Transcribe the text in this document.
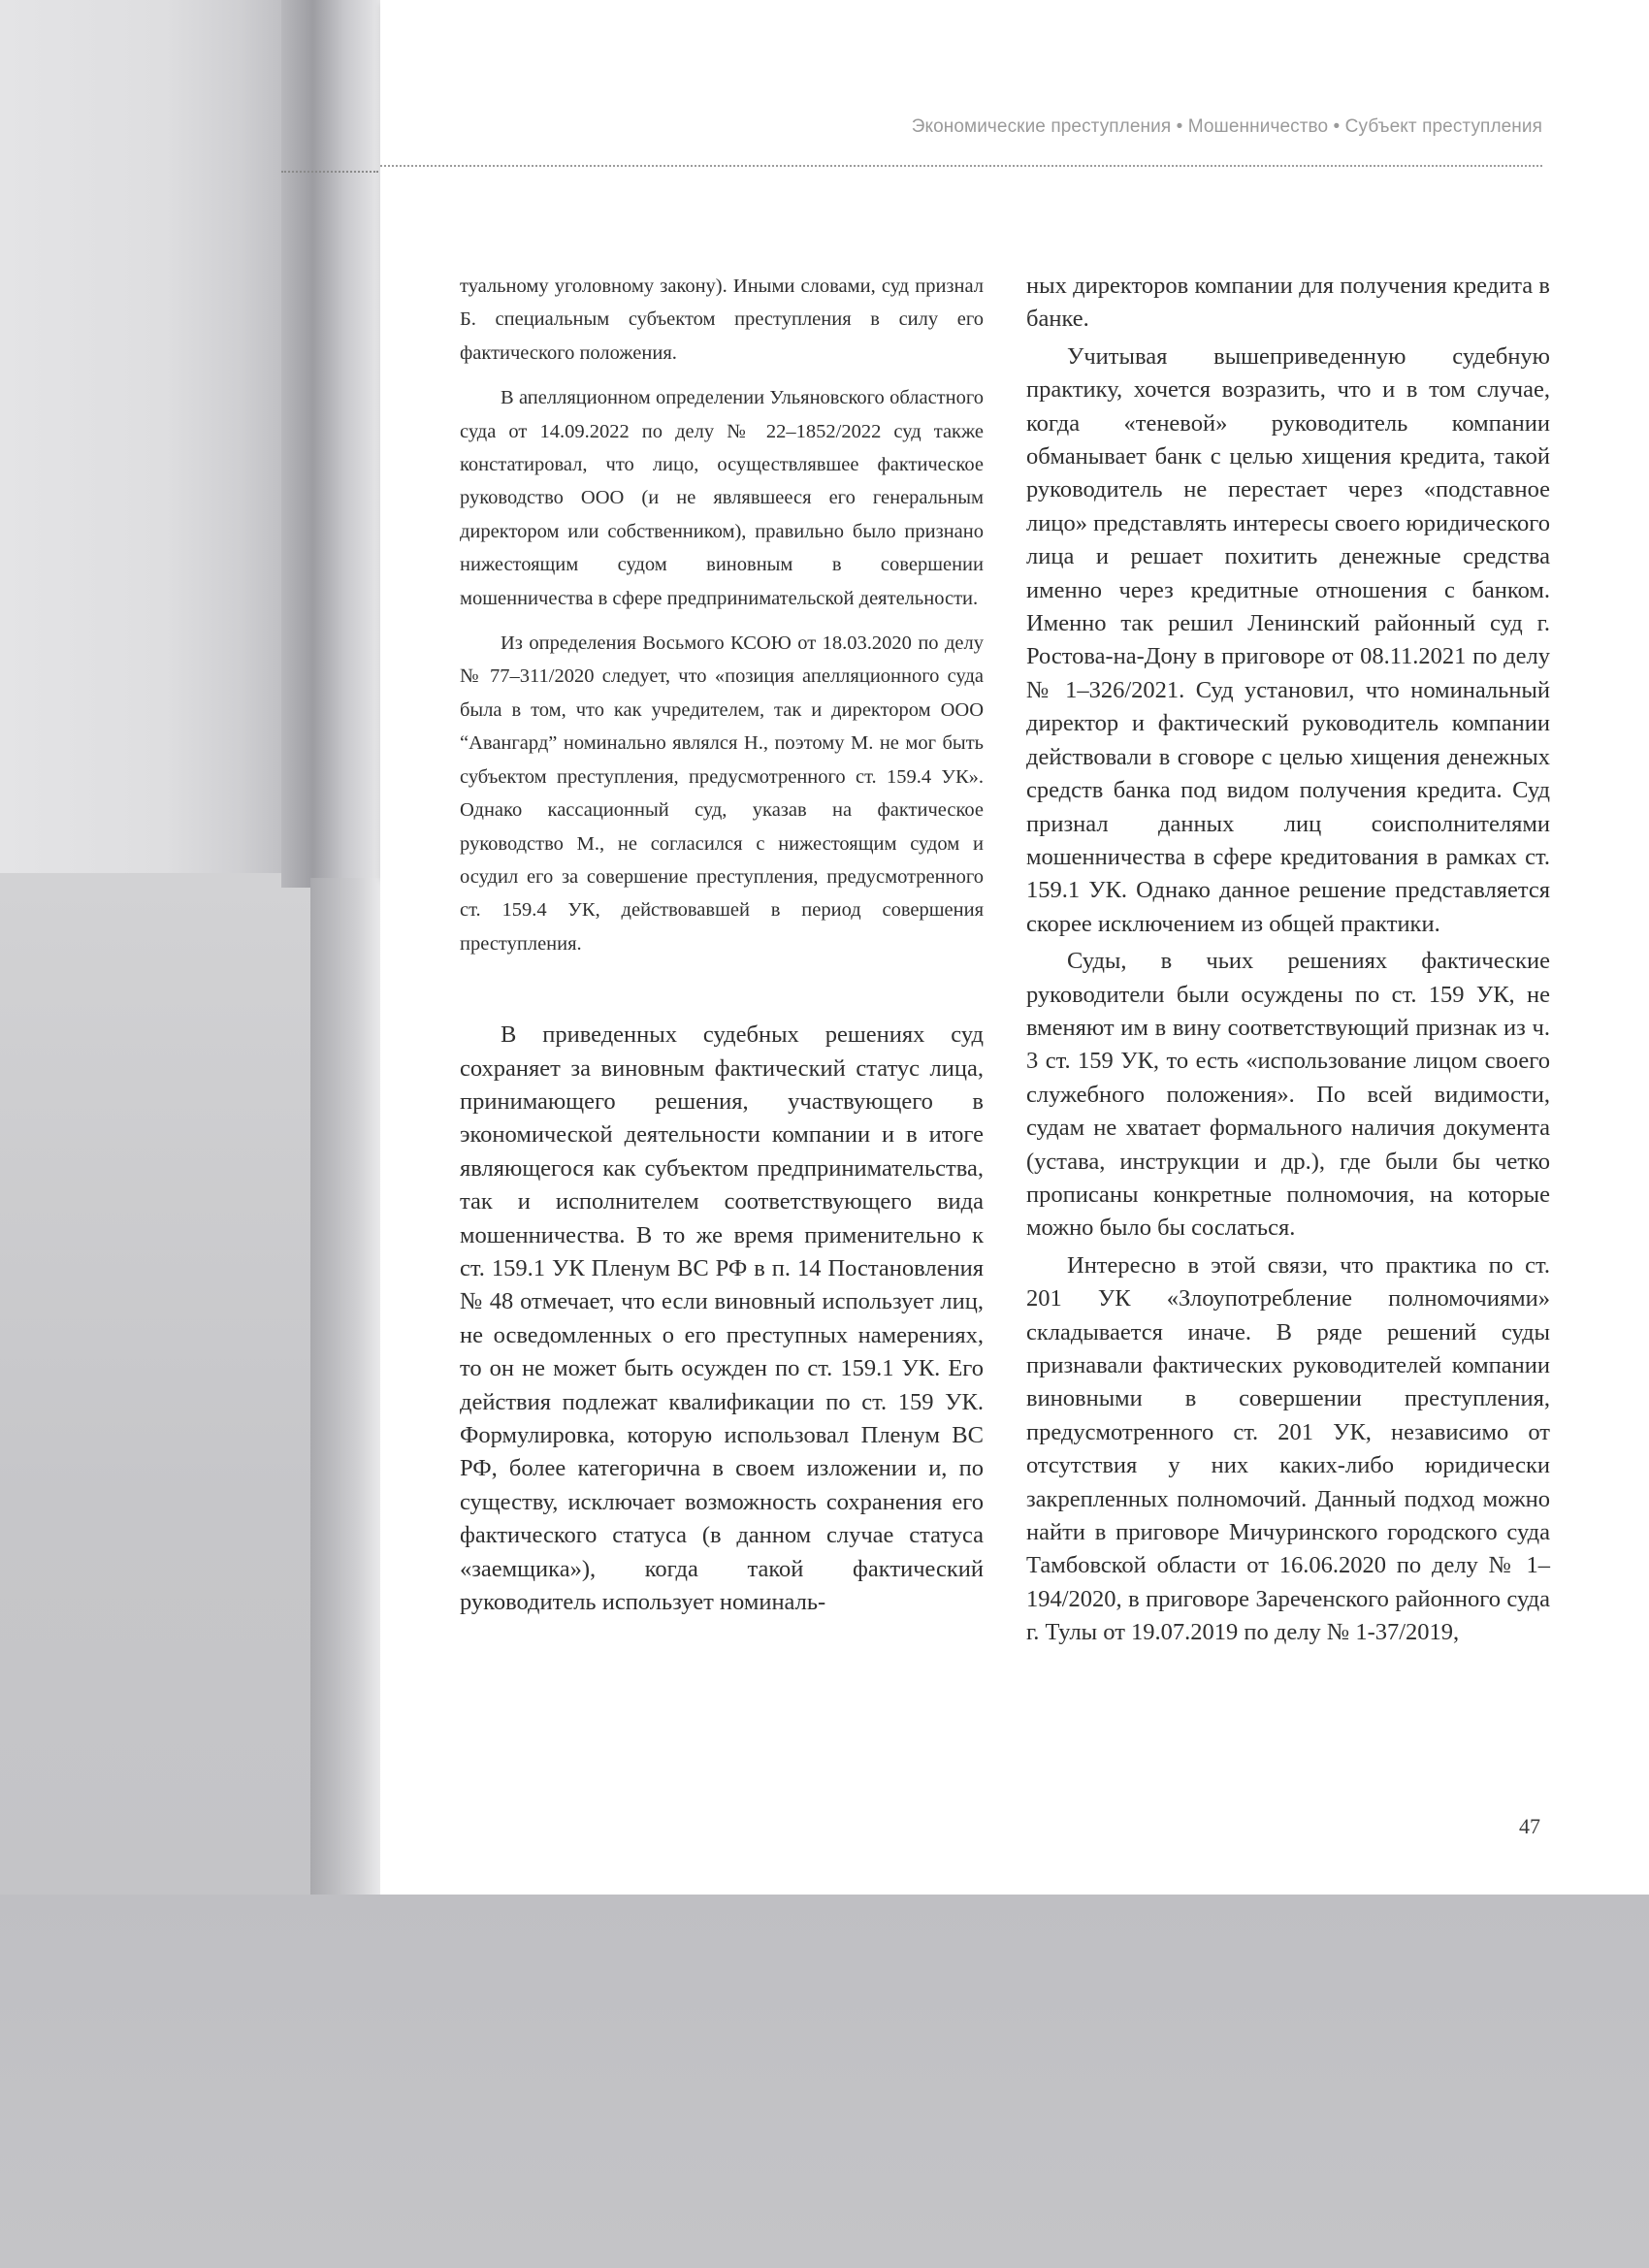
Экономические преступления • Мошенничество • Субъект преступления

туальному уголовному закону). Иными словами, суд признал Б. специальным субъектом преступления в силу его фактического положения.

В апелляционном определении Ульяновского областного суда от 14.09.2022 по делу № 22–1852/2022 суд также констатировал, что лицо, осуществлявшее фактическое руководство ООО (и не являвшееся его генеральным директором или собственником), правильно было признано нижестоящим судом виновным в совершении мошенничества в сфере предпринимательской деятельности.

Из определения Восьмого КСОЮ от 18.03.2020 по делу № 77–311/2020 следует, что «позиция апелляционного суда была в том, что как учредителем, так и директором ООО “Авангард” номинально являлся Н., поэтому М. не мог быть субъектом преступления, предусмотренного ст. 159.4 УК». Однако кассационный суд, указав на фактическое руководство М., не согласился с нижестоящим судом и осудил его за совершение преступления, предусмотренного ст. 159.4 УК, действовавшей в период совершения преступления.

В приведенных судебных решениях суд сохраняет за виновным фактический статус лица, принимающего решения, участвующего в экономической деятельности компании и в итоге являющегося как субъектом предпринимательства, так и исполнителем соответствующего вида мошенничества. В то же время применительно к ст. 159.1 УК Пленум ВС РФ в п. 14 Постановления № 48 отмечает, что если виновный использует лиц, не осведомленных о его преступных намерениях, то он не может быть осужден по ст. 159.1 УК. Его действия подлежат квалификации по ст. 159 УК. Формулировка, которую использовал Пленум ВС РФ, более категорична в своем изложении и, по существу, исключает возможность сохранения его фактического статуса (в данном случае статуса «заемщика»), когда такой фактический руководитель использует номиналь-

ных директоров компании для получения кредита в банке.

Учитывая вышеприведенную судебную практику, хочется возразить, что и в том случае, когда «теневой» руководитель компании обманывает банк с целью хищения кредита, такой руководитель не перестает через «подставное лицо» представлять интересы своего юридического лица и решает похитить денежные средства именно через кредитные отношения с банком. Именно так решил Ленинский районный суд г. Ростова-на-Дону в приговоре от 08.11.2021 по делу № 1–326/2021. Суд установил, что номинальный директор и фактический руководитель компании действовали в сговоре с целью хищения денежных средств банка под видом получения кредита. Суд признал данных лиц соисполнителями мошенничества в сфере кредитования в рамках ст. 159.1 УК. Однако данное решение представляется скорее исключением из общей практики.

Суды, в чьих решениях фактические руководители были осуждены по ст. 159 УК, не вменяют им в вину соответствующий признак из ч. 3 ст. 159 УК, то есть «использование лицом своего служебного положения». По всей видимости, судам не хватает формального наличия документа (устава, инструкции и др.), где были бы четко прописаны конкретные полномочия, на которые можно было бы сослаться.

Интересно в этой связи, что практика по ст. 201 УК «Злоупотребление полномочиями» складывается иначе. В ряде решений суды признавали фактических руководителей компании виновными в совершении преступления, предусмотренного ст. 201 УК, независимо от отсутствия у них каких-либо юридически закрепленных полномочий. Данный подход можно найти в приговоре Мичуринского городского суда Тамбовской области от 16.06.2020 по делу № 1–194/2020, в приговоре Зареченского районного суда г. Тулы от 19.07.2019 по делу № 1-37/2019,

47
